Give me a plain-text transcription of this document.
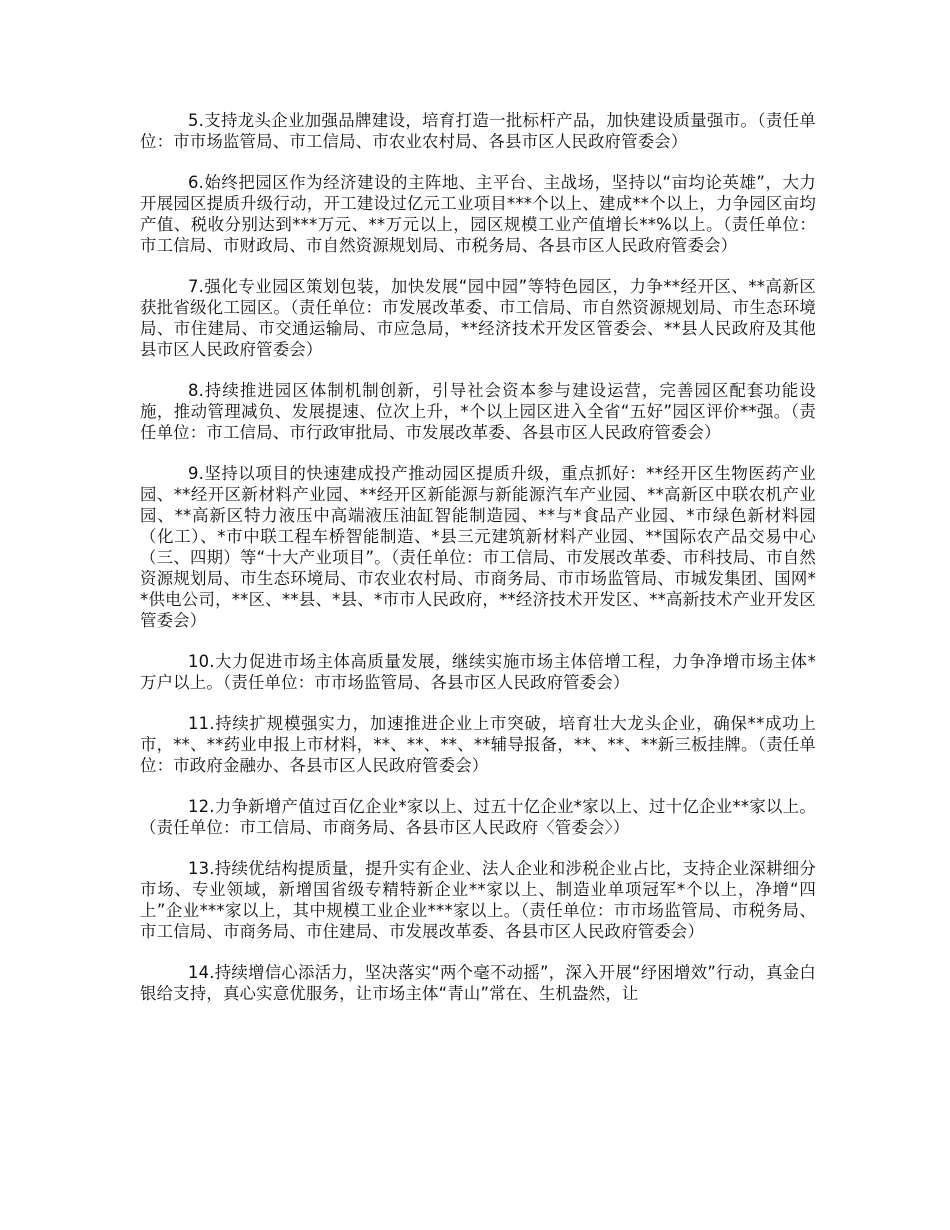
5.支持龙头企业加强品牌建设，培育打造一批标杆产品，加快建设质量强市。（责任单位：市市场监管局、市工信局、市农业农村局、各县市区人民政府管委会）

6.始终把园区作为经济建设的主阵地、主平台、主战场，坚持以“亩均论英雄”，大力开展园区提质升级行动，开工建设过亿元工业项目***个以上、建成**个以上，力争园区亩均产值、税收分别达到***万元、**万元以上，园区规模工业产值增长**%以上。（责任单位：市工信局、市财政局、市自然资源规划局、市税务局、各县市区人民政府管委会）

7.强化专业园区策划包装，加快发展“园中园”等特色园区，力争**经开区、**高新区获批省级化工园区。（责任单位：市发展改革委、市工信局、市自然资源规划局、市生态环境局、市住建局、市交通运输局、市应急局，**经济技术开发区管委会、**县人民政府及其他县市区人民政府管委会）

8.持续推进园区体制机制创新，引导社会资本参与建设运营，完善园区配套功能设施，推动管理减负、发展提速、位次上升，*个以上园区进入全省“五好”园区评价**强。（责任单位：市工信局、市行政审批局、市发展改革委、各县市区人民政府管委会）

9.坚持以项目的快速建成投产推动园区提质升级，重点抓好：**经开区生物医药产业园、**经开区新材料产业园、**经开区新能源与新能源汽车产业园、**高新区中联农机产业园、**高新区特力液压中高端液压油缸智能制造园、**与*食品产业园、*市绿色新材料园（化工）、*市中联工程车桥智能制造、*县三元建筑新材料产业园、**国际农产品交易中心（三、四期）等“十大产业项目”。（责任单位：市工信局、市发展改革委、市科技局、市自然资源规划局、市生态环境局、市农业农村局、市商务局、市市场监管局、市城发集团、国网**供电公司，**区、**县、*县、*市市人民政府，**经济技术开发区、**高新技术产业开发区管委会）

10.大力促进市场主体高质量发展，继续实施市场主体倍增工程，力争净增市场主体*万户以上。（责任单位：市市场监管局、各县市区人民政府管委会）

11.持续扩规模强实力，加速推进企业上市突破，培育壮大龙头企业，确保**成功上市，**、**药业申报上市材料，**、**、**、**辅导报备，**、**、**新三板挂牌。（责任单位：市政府金融办、各县市区人民政府管委会）

12.力争新增产值过百亿企业*家以上、过五十亿企业*家以上、过十亿企业**家以上。（责任单位：市工信局、市商务局、各县市区人民政府〈管委会〉）

13.持续优结构提质量，提升实有企业、法人企业和涉税企业占比，支持企业深耕细分市场、专业领域，新增国省级专精特新企业**家以上、制造业单项冠军*个以上，净增“四上”企业***家以上，其中规模工业企业***家以上。（责任单位：市市场监管局、市税务局、市工信局、市商务局、市住建局、市发展改革委、各县市区人民政府管委会）

14.持续增信心添活力，坚决落实“两个毫不动摇”，深入开展“纾困增效”行动，真金白银给支持，真心实意优服务，让市场主体“青山”常在、生机盎然，让
